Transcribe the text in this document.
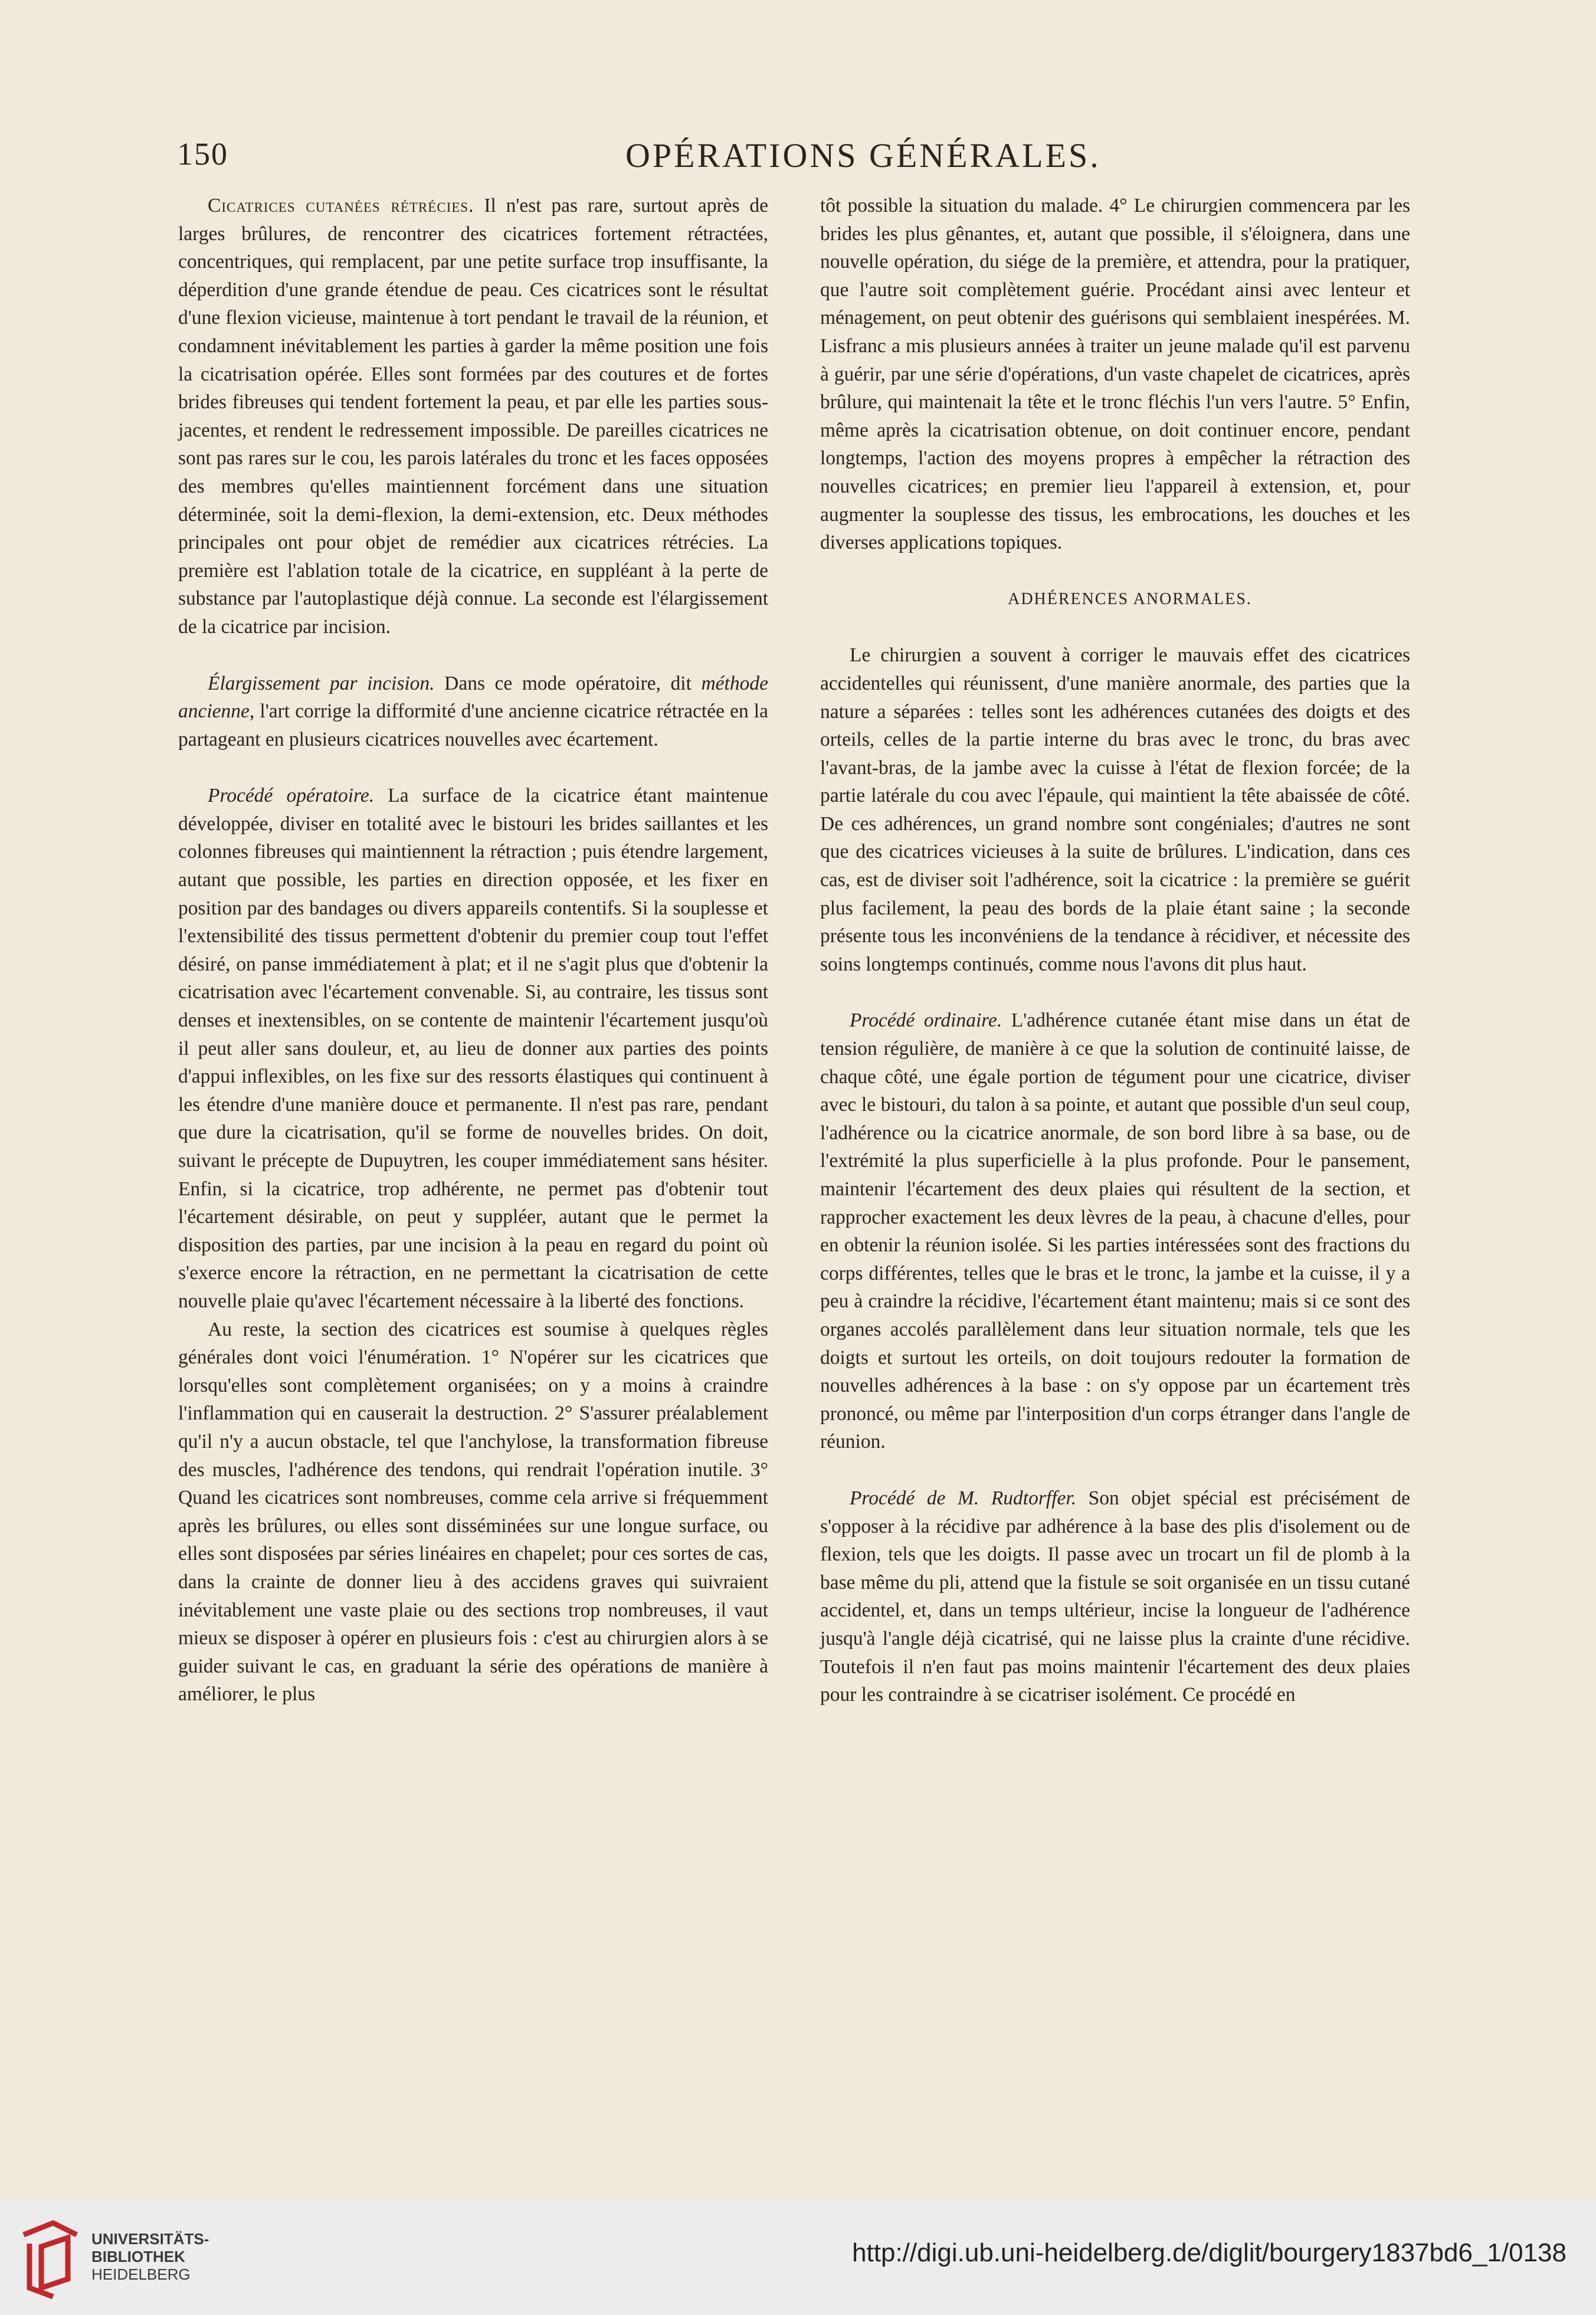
150	OPÉRATIONS GÉNÉRALES.

Cicatrices cutanées rétrécies. Il n'est pas rare, surtout après de larges brûlures, de rencontrer des cicatrices fortement rétractées, concentriques, qui remplacent, par une petite surface trop insuffisante, la déperdition d'une grande étendue de peau. Ces cicatrices sont le résultat d'une flexion vicieuse, maintenue à tort pendant le travail de la réunion, et condamnent inévitablement les parties à garder la même position une fois la cicatrisation opérée. Elles sont formées par des coutures et de fortes brides fibreuses qui tendent fortement la peau, et par elle les parties sous-jacentes, et rendent le redressement impossible. De pareilles cicatrices ne sont pas rares sur le cou, les parois latérales du tronc et les faces opposées des membres qu'elles maintiennent forcément dans une situation déterminée, soit la demi-flexion, la demi-extension, etc. Deux méthodes principales ont pour objet de remédier aux cicatrices rétrécies. La première est l'ablation totale de la cicatrice, en suppléant à la perte de substance par l'autoplastique déjà connue. La seconde est l'élargissement de la cicatrice par incision.

Élargissement par incision. Dans ce mode opératoire, dit méthode ancienne, l'art corrige la difformité d'une ancienne cicatrice rétractée en la partageant en plusieurs cicatrices nouvelles avec écartement.

Procédé opératoire. La surface de la cicatrice étant maintenue développée, diviser en totalité avec le bistouri les brides saillantes et les colonnes fibreuses qui maintiennent la rétraction ; puis étendre largement, autant que possible, les parties en direction opposée, et les fixer en position par des bandages ou divers appareils contentifs. Si la souplesse et l'extensibilité des tissus permettent d'obtenir du premier coup tout l'effet désiré, on panse immédiatement à plat; et il ne s'agit plus que d'obtenir la cicatrisation avec l'écartement convenable. Si, au contraire, les tissus sont denses et inextensibles, on se contente de maintenir l'écartement jusqu'où il peut aller sans douleur, et, au lieu de donner aux parties des points d'appui inflexibles, on les fixe sur des ressorts élastiques qui continuent à les étendre d'une manière douce et permanente. Il n'est pas rare, pendant que dure la cicatrisation, qu'il se forme de nouvelles brides. On doit, suivant le précepte de Dupuytren, les couper immédiatement sans hésiter. Enfin, si la cicatrice, trop adhérente, ne permet pas d'obtenir tout l'écartement désirable, on peut y suppléer, autant que le permet la disposition des parties, par une incision à la peau en regard du point où s'exerce encore la rétraction, en ne permettant la cicatrisation de cette nouvelle plaie qu'avec l'écartement nécessaire à la liberté des fonctions.

Au reste, la section des cicatrices est soumise à quelques règles générales dont voici l'énumération. 1° N'opérer sur les cicatrices que lorsqu'elles sont complètement organisées; on y a moins à craindre l'inflammation qui en causerait la destruction. 2° S'assurer préalablement qu'il n'y a aucun obstacle, tel que l'anchylose, la transformation fibreuse des muscles, l'adhérence des tendons, qui rendrait l'opération inutile. 3° Quand les cicatrices sont nombreuses, comme cela arrive si fréquemment après les brûlures, ou elles sont disséminées sur une longue surface, ou elles sont disposées par séries linéaires en chapelet; pour ces sortes de cas, dans la crainte de donner lieu à des accidens graves qui suivraient inévitablement une vaste plaie ou des sections trop nombreuses, il vaut mieux se disposer à opérer en plusieurs fois : c'est au chirurgien alors à se guider suivant le cas, en graduant la série des opérations de manière à améliorer, le plus

tôt possible la situation du malade. 4° Le chirurgien commencera par les brides les plus gênantes, et, autant que possible, il s'éloignera, dans une nouvelle opération, du siége de la première, et attendra, pour la pratiquer, que l'autre soit complètement guérie. Procédant ainsi avec lenteur et ménagement, on peut obtenir des guérisons qui semblaient inespérées. M. Lisfranc a mis plusieurs années à traiter un jeune malade qu'il est parvenu à guérir, par une série d'opérations, d'un vaste chapelet de cicatrices, après brûlure, qui maintenait la tête et le tronc fléchis l'un vers l'autre. 5° Enfin, même après la cicatrisation obtenue, on doit continuer encore, pendant longtemps, l'action des moyens propres à empêcher la rétraction des nouvelles cicatrices; en premier lieu l'appareil à extension, et, pour augmenter la souplesse des tissus, les embrocations, les douches et les diverses applications topiques.

ADHÉRENCES ANORMALES.

Le chirurgien a souvent à corriger le mauvais effet des cicatrices accidentelles qui réunissent, d'une manière anormale, des parties que la nature a séparées : telles sont les adhérences cutanées des doigts et des orteils, celles de la partie interne du bras avec le tronc, du bras avec l'avant-bras, de la jambe avec la cuisse à l'état de flexion forcée; de la partie latérale du cou avec l'épaule, qui maintient la tête abaissée de côté. De ces adhérences, un grand nombre sont congéniales; d'autres ne sont que des cicatrices vicieuses à la suite de brûlures. L'indication, dans ces cas, est de diviser soit l'adhérence, soit la cicatrice : la première se guérit plus facilement, la peau des bords de la plaie étant saine ; la seconde présente tous les inconvéniens de la tendance à récidiver, et nécessite des soins longtemps continués, comme nous l'avons dit plus haut.

Procédé ordinaire. L'adhérence cutanée étant mise dans un état de tension régulière, de manière à ce que la solution de continuité laisse, de chaque côté, une égale portion de tégument pour une cicatrice, diviser avec le bistouri, du talon à sa pointe, et autant que possible d'un seul coup, l'adhérence ou la cicatrice anormale, de son bord libre à sa base, ou de l'extrémité la plus superficielle à la plus profonde. Pour le pansement, maintenir l'écartement des deux plaies qui résultent de la section, et rapprocher exactement les deux lèvres de la peau, à chacune d'elles, pour en obtenir la réunion isolée. Si les parties intéressées sont des fractions du corps différentes, telles que le bras et le tronc, la jambe et la cuisse, il y a peu à craindre la récidive, l'écartement étant maintenu; mais si ce sont des organes accolés parallèlement dans leur situation normale, tels que les doigts et surtout les orteils, on doit toujours redouter la formation de nouvelles adhérences à la base : on s'y oppose par un écartement très prononcé, ou même par l'interposition d'un corps étranger dans l'angle de réunion.

Procédé de M. Rudtorffer. Son objet spécial est précisément de s'opposer à la récidive par adhérence à la base des plis d'isolement ou de flexion, tels que les doigts. Il passe avec un trocart un fil de plomb à la base même du pli, attend que la fistule se soit organisée en un tissu cutané accidentel, et, dans un temps ultérieur, incise la longueur de l'adhérence jusqu'à l'angle déjà cicatrisé, qui ne laisse plus la crainte d'une récidive. Toutefois il n'en faut pas moins maintenir l'écartement des deux plaies pour les contraindre à se cicatriser isolément. Ce procédé en

UNIVERSITÄTS-
BIBLIOTHEK
HEIDELBERG
http://digi.ub.uni-heidelberg.de/diglit/bourgery1837bd6_1/0138
